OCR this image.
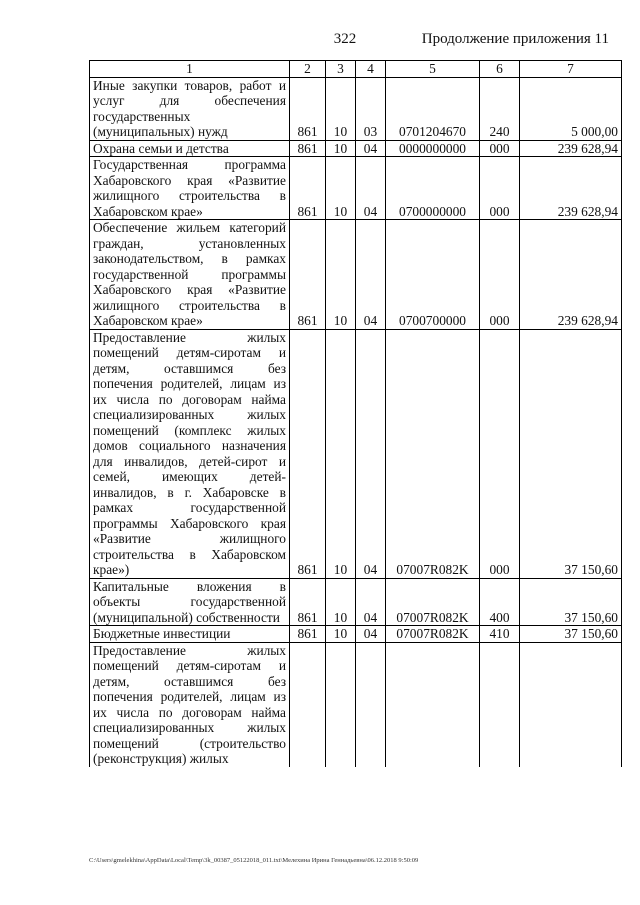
322	Продолжение приложения 11
1	2	3	4	5	6	7
Иные закупки товаров, работ и услуг для обеспечения государственных (муниципальных) нужд	861	10	03	0701204670	240	5 000,00
Охрана семьи и детства	861	10	04	0000000000	000	239 628,94
Государственная программа Хабаровского края «Развитие жилищного строительства в Хабаровском крае»	861	10	04	0700000000	000	239 628,94
Обеспечение жильем категорий граждан, установленных законодательством, в рамках государственной программы Хабаровского края «Развитие жилищного строительства в Хабаровском крае»	861	10	04	0700700000	000	239 628,94
Предоставление жилых помещений детям-сиротам и детям, оставшимся без попечения родителей, лицам из их числа по договорам найма специализированных жилых помещений (комплекс жилых домов социального назначения для инвалидов, детей-сирот и семей, имеющих детей-инвалидов, в г. Хабаровске в рамках государственной программы Хабаровского края «Развитие жилищного строительства в Хабаровском крае»)	861	10	04	07007R082K	000	37 150,60
Капитальные вложения в объекты государственной (муниципальной) собственности	861	10	04	07007R082K	400	37 150,60
Бюджетные инвестиции	861	10	04	07007R082K	410	37 150,60
Предоставление жилых помещений детям-сиротам и детям, оставшимся без попечения родителей, лицам из их числа по договорам найма специализированных жилых помещений (строительство (реконструкция) жилых						
C:\Users\gmelekhina\AppData\Local\Temp\3k_00387_05122018_011.txt\Мелехина Ирина Геннадьевна\06.12.2018 9:50:09
